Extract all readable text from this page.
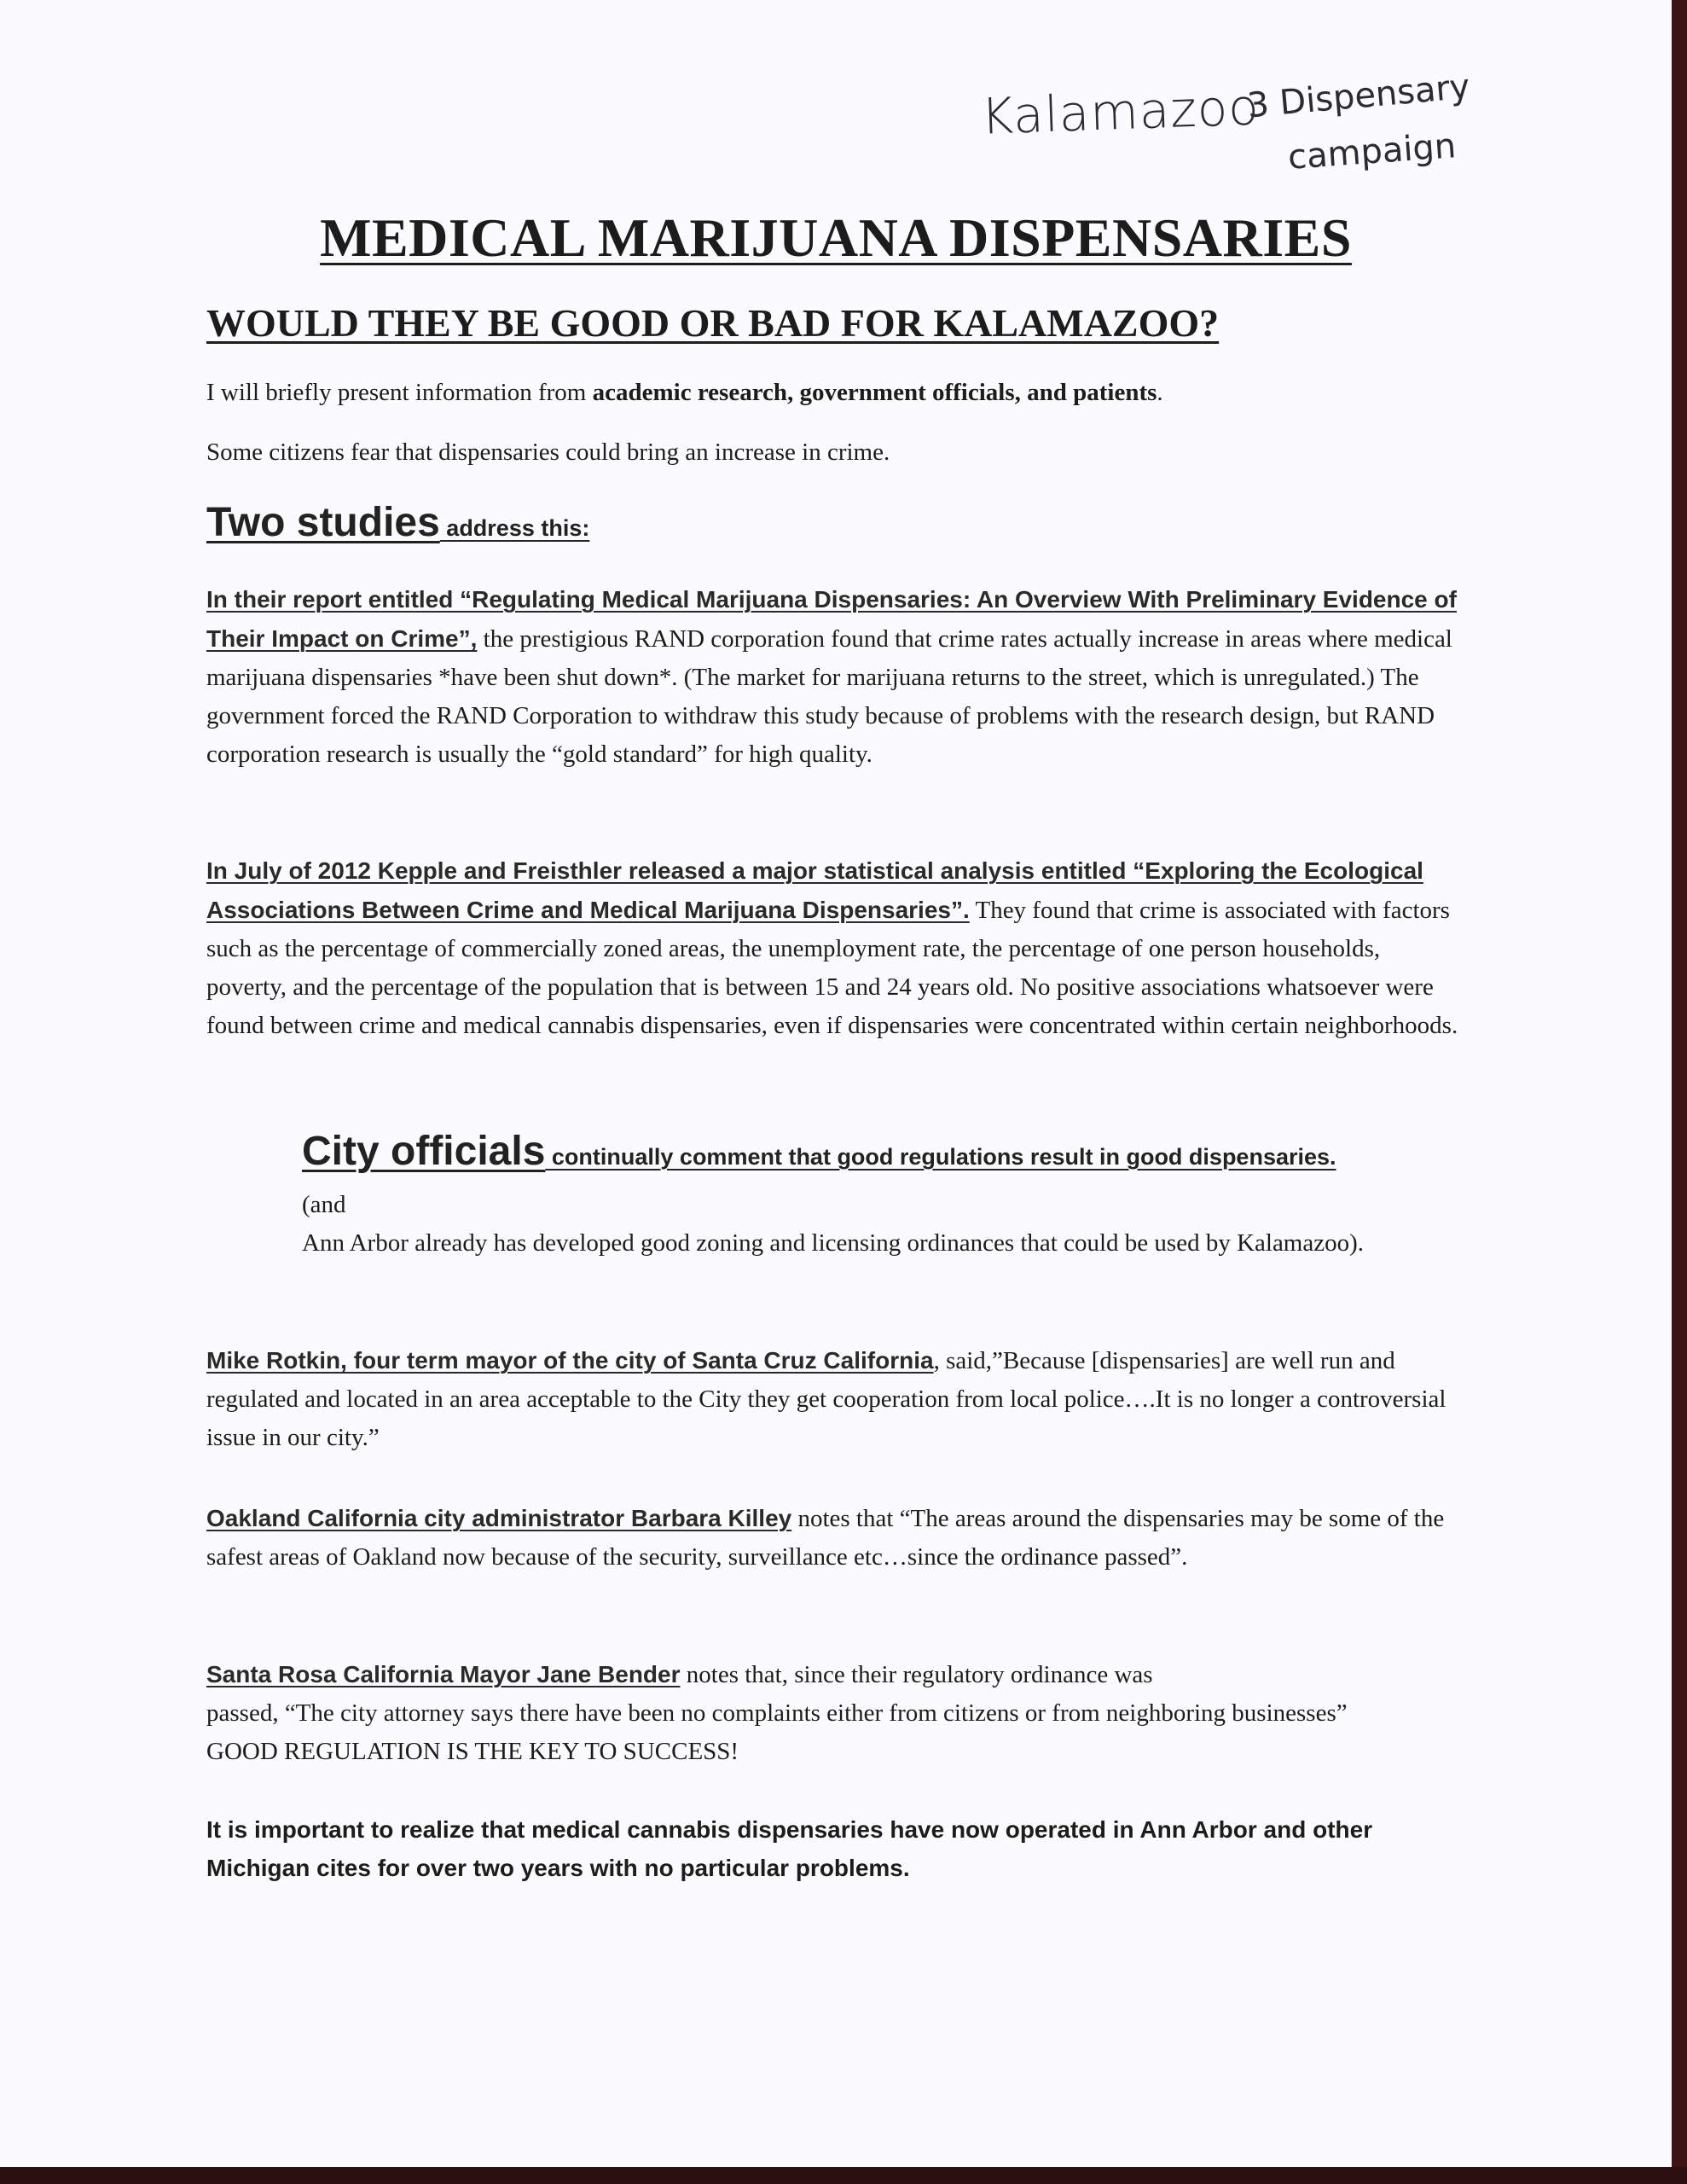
Kalamazoo
3 Dispensary
campaign
MEDICAL MARIJUANA DISPENSARIES
WOULD THEY BE GOOD OR BAD FOR KALAMAZOO?
I will briefly present information from academic research, government officials, and patients.
Some citizens fear that dispensaries could bring an increase in crime.
Two studies address this:
In their report entitled “Regulating Medical Marijuana Dispensaries: An Overview With Preliminary Evidence of Their Impact on Crime”, the prestigious RAND corporation found that crime rates actually increase in areas where medical marijuana dispensaries *have been shut down*. (The market for marijuana returns to the street, which is unregulated.) The government forced the RAND Corporation to withdraw this study because of problems with the research design, but RAND corporation research is usually the “gold standard” for high quality.
In July of 2012 Kepple and Freisthler released a major statistical analysis entitled “Exploring the Ecological Associations Between Crime and Medical Marijuana Dispensaries”. They found that crime is associated with factors such as the percentage of commercially zoned areas, the unemployment rate, the percentage of one person households, poverty, and the percentage of the population that is between 15 and 24 years old. No positive associations whatsoever were found between crime and medical cannabis dispensaries, even if dispensaries were concentrated within certain neighborhoods.
City officials continually comment that good regulations result in good dispensaries.
(and
Ann Arbor already has developed good zoning and licensing ordinances that could be used by Kalamazoo).
Mike Rotkin, four term mayor of the city of Santa Cruz California, said,”Because [dispensaries] are well run and regulated and located in an area acceptable to the City they get cooperation from local police….It is no longer a controversial issue in our city.”
Oakland California city administrator Barbara Killey notes that “The areas around the dispensaries may be some of the safest areas of Oakland now because of the security, surveillance etc…since the ordinance passed”.
Santa Rosa California Mayor Jane Bender notes that, since their regulatory ordinance was
passed, “The city attorney says there have been no complaints either from citizens or from neighboring businesses”GOOD REGULATION IS THE KEY TO SUCCESS!
It is important to realize that medical cannabis dispensaries have now operated in Ann Arbor and other Michigan cites for over two years with no particular problems.
